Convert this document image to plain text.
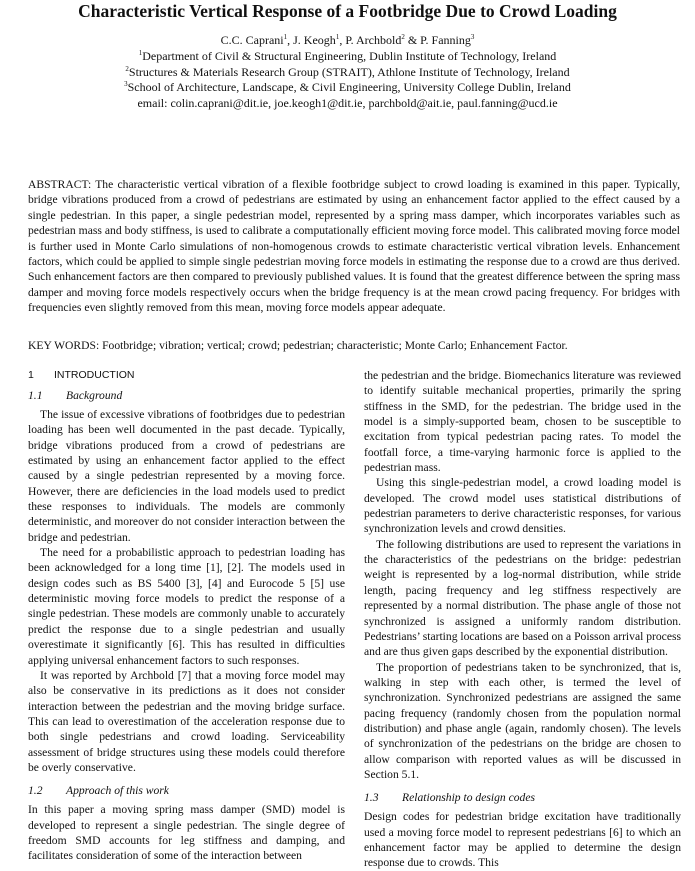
Characteristic Vertical Response of a Footbridge Due to Crowd Loading
C.C. Caprani$^1$, J. Keogh$^1$, P. Archbold$^2$ & P. Fanning$^3$
$^1$Department of Civil & Structural Engineering, Dublin Institute of Technology, Ireland
$^2$Structures & Materials Research Group (STRAIT), Athlone Institute of Technology, Ireland
$^3$School of Architecture, Landscape, & Civil Engineering, University College Dublin, Ireland
email: colin.caprani@dit.ie, joe.keogh1@dit.ie, parchbold@ait.ie, paul.fanning@ucd.ie
ABSTRACT: The characteristic vertical vibration of a flexible footbridge subject to crowd loading is examined in this paper. Typically, bridge vibrations produced from a crowd of pedestrians are estimated by using an enhancement factor applied to the effect caused by a single pedestrian. In this paper, a single pedestrian model, represented by a spring mass damper, which incorporates variables such as pedestrian mass and body stiffness, is used to calibrate a computationally efficient moving force model. This calibrated moving force model is further used in Monte Carlo simulations of non-homogenous crowds to estimate characteristic vertical vibration levels. Enhancement factors, which could be applied to simple single pedestrian moving force models in estimating the response due to a crowd are thus derived. Such enhancement factors are then compared to previously published values. It is found that the greatest difference between the spring mass damper and moving force models respectively occurs when the bridge frequency is at the mean crowd pacing frequency. For bridges with frequencies even slightly removed from this mean, moving force models appear adequate.
KEY WORDS: Footbridge; vibration; vertical; crowd; pedestrian; characteristic; Monte Carlo; Enhancement Factor.
1 INTRODUCTION
1.1 Background

The issue of excessive vibrations of footbridges due to pedestrian loading has been well documented in the past decade. Typically, bridge vibrations produced from a crowd of pedestrians are estimated by using an enhancement factor applied to the effect caused by a single pedestrian represented by a moving force. However, there are deficiencies in the load models used to predict these responses to individuals. The models are commonly deterministic, and moreover do not consider interaction between the bridge and pedestrian.

The need for a probabilistic approach to pedestrian loading has been acknowledged for a long time [1], [2]. The models used in design codes such as BS 5400 [3], [4] and Eurocode 5 [5] use deterministic moving force models to predict the response of a single pedestrian. These models are commonly unable to accurately predict the response due to a single pedestrian and usually overestimate it significantly [6]. This has resulted in difficulties applying universal enhancement factors to such responses.

It was reported by Archbold [7] that a moving force model may also be conservative in its predictions as it does not consider interaction between the pedestrian and the moving bridge surface. This can lead to overestimation of the acceleration response due to both single pedestrians and crowd loading. Serviceability assessment of bridge structures using these models could therefore be overly conservative.

1.2 Approach of this work

In this paper a moving spring mass damper (SMD) model is developed to represent a single pedestrian. The single degree of freedom SMD accounts for leg stiffness and damping, and facilitates consideration of some of the interaction between

the pedestrian and the bridge. Biomechanics literature was reviewed to identify suitable mechanical properties, primarily the spring stiffness in the SMD, for the pedestrian. The bridge used in the model is a simply-supported beam, chosen to be susceptible to excitation from typical pedestrian pacing rates. To model the footfall force, a time-varying harmonic force is applied to the pedestrian mass.

Using this single-pedestrian model, a crowd loading model is developed. The crowd model uses statistical distributions of pedestrian parameters to derive characteristic responses, for various synchronization levels and crowd densities.

The following distributions are used to represent the variations in the characteristics of the pedestrians on the bridge: pedestrian weight is represented by a log-normal distribution, while stride length, pacing frequency and leg stiffness respectively are represented by a normal distribution. The phase angle of those not synchronized is assigned a uniformly random distribution. Pedestrians’ starting locations are based on a Poisson arrival process and are thus given gaps described by the exponential distribution.

The proportion of pedestrians taken to be synchronized, that is, walking in step with each other, is termed the level of synchronization. Synchronized pedestrians are assigned the same pacing frequency (randomly chosen from the population normal distribution) and phase angle (again, randomly chosen). The levels of synchronization of the pedestrians on the bridge are chosen to allow comparison with reported values as will be discussed in Section 5.1.

1.3 Relationship to design codes

Design codes for pedestrian bridge excitation have traditionally used a moving force model to represent pedestrians [6] to which an enhancement factor may be applied to determine the design response due to crowds. This
